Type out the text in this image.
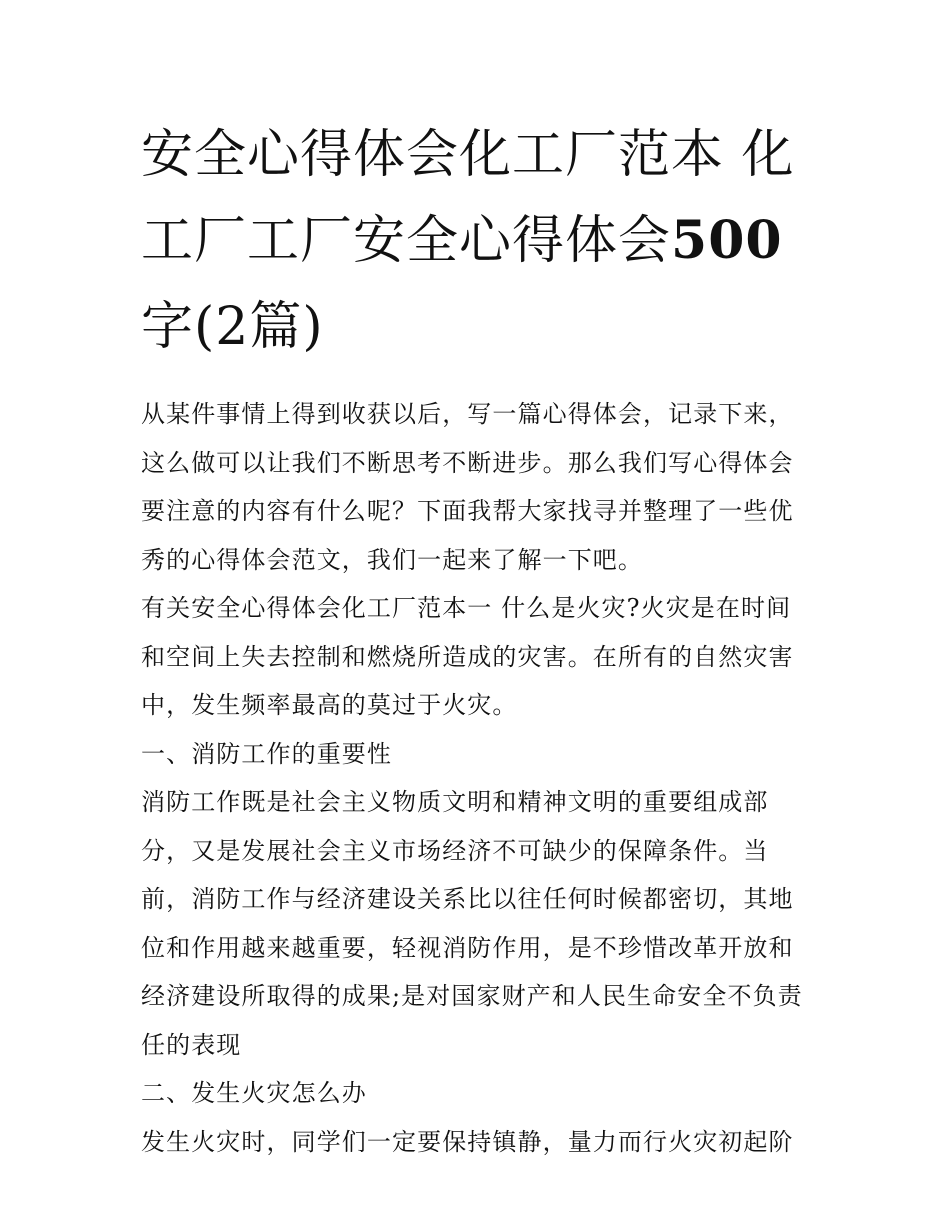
安全心得体会化工厂范本 化工厂工厂安全心得体会500字(2篇)

从某件事情上得到收获以后，写一篇心得体会，记录下来，这么做可以让我们不断思考不断进步。那么我们写心得体会要注意的内容有什么呢？下面我帮大家找寻并整理了一些优秀的心得体会范文，我们一起来了解一下吧。

有关安全心得体会化工厂范本一 什么是火灾?火灾是在时间和空间上失去控制和燃烧所造成的灾害。在所有的自然灾害中，发生频率最高的莫过于火灾。

一、消防工作的重要性

消防工作既是社会主义物质文明和精神文明的重要组成部分，又是发展社会主义市场经济不可缺少的保障条件。当前，消防工作与经济建设关系比以往任何时候都密切，其地位和作用越来越重要，轻视消防作用，是不珍惜改革开放和经济建设所取得的成果;是对国家财产和人民生命安全不负责任的表现

二、发生火灾怎么办

发生火灾时，同学们一定要保持镇静，量力而行火灾初起阶
